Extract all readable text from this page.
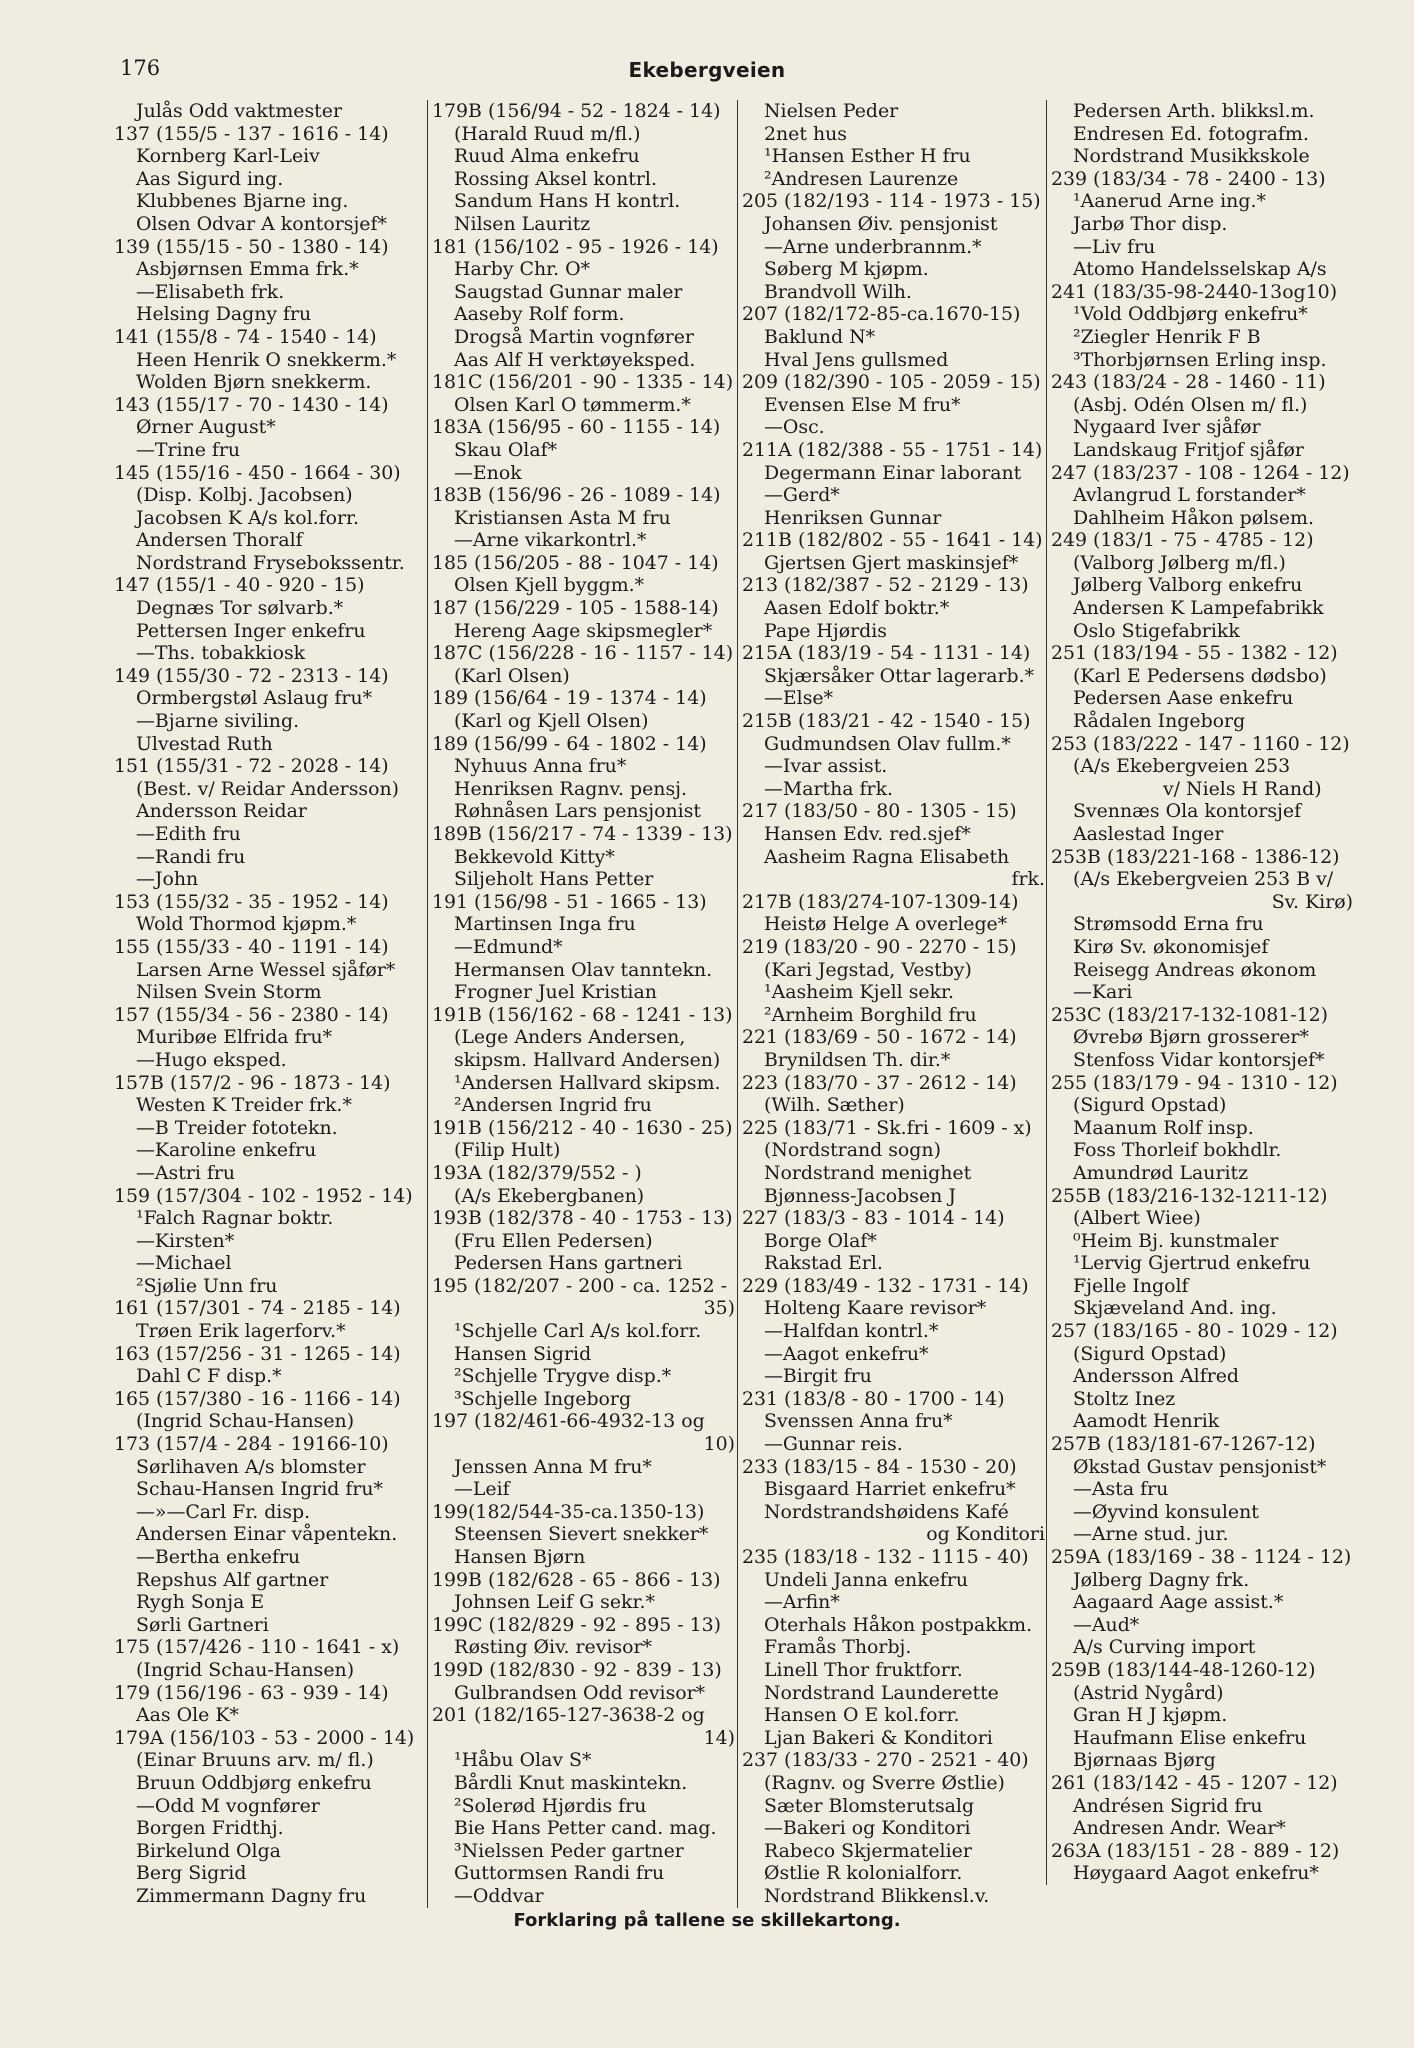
176	Ekebergveien
Julås Odd vaktmester
137 (155/5 - 137 - 1616 - 14)
Kornberg Karl-Leiv
Aas Sigurd ing.
Klubbenes Bjarne ing.
Olsen Odvar A kontorsjef*
139 (155/15 - 50 - 1380 - 14)
Asbjørnsen Emma frk.*
—Elisabeth frk.
Helsing Dagny fru
141 (155/8 - 74 - 1540 - 14)
Heen Henrik O snekkerm.*
Wolden Bjørn snekkerm.
143 (155/17 - 70 - 1430 - 14)
Ørner August*
—Trine fru
145 (155/16 - 450 - 1664 - 30)
(Disp. Kolbj. Jacobsen)
Jacobsen K A/s kol.forr.
Andersen Thoralf
Nordstrand Frysebokssentr.
147 (155/1 - 40 - 920 - 15)
Degnæs Tor sølvarb.*
Pettersen Inger enkefru
—Ths. tobakkiosk
149 (155/30 - 72 - 2313 - 14)
Ormbergstøl Aslaug fru*
—Bjarne siviling.
Ulvestad Ruth
151 (155/31 - 72 - 2028 - 14)
(Best. v/ Reidar Andersson)
Andersson Reidar
—Edith fru
—Randi fru
—John
153 (155/32 - 35 - 1952 - 14)
Wold Thormod kjøpm.*
155 (155/33 - 40 - 1191 - 14)
Larsen Arne Wessel sjåfør*
Nilsen Svein Storm
157 (155/34 - 56 - 2380 - 14)
Muribøe Elfrida fru*
—Hugo eksped.
157B (157/2 - 96 - 1873 - 14)
Westen K Treider frk.*
—B Treider fototekn.
—Karoline enkefru
—Astri fru
159 (157/304 - 102 - 1952 - 14)
¹Falch Ragnar boktr.
—Kirsten*
—Michael
²Sjølie Unn fru
161 (157/301 - 74 - 2185 - 14)
Trøen Erik lagerforv.*
163 (157/256 - 31 - 1265 - 14)
Dahl C F disp.*
165 (157/380 - 16 - 1166 - 14)
(Ingrid Schau-Hansen)
173 (157/4 - 284 - 19166-10)
Sørlihaven A/s blomster
Schau-Hansen Ingrid fru*
—»—Carl Fr. disp.
Andersen Einar våpentekn.
—Bertha enkefru
Repshus Alf gartner
Rygh Sonja E
Sørli Gartneri
175 (157/426 - 110 - 1641 - x)
(Ingrid Schau-Hansen)
179 (156/196 - 63 - 939 - 14)
Aas Ole K*
179A (156/103 - 53 - 2000 - 14)
(Einar Bruuns arv. m/ fl.)
Bruun Oddbjørg enkefru
—Odd M vognfører
Borgen Fridthj.
Birkelund Olga
Berg Sigrid
Zimmermann Dagny fru
179B (156/94 - 52 - 1824 - 14)
(Harald Ruud m/fl.)
Ruud Alma enkefru
Rossing Aksel kontrl.
Sandum Hans H kontrl.
Nilsen Lauritz
181 (156/102 - 95 - 1926 - 14)
Harby Chr. O*
Saugstad Gunnar maler
Aaseby Rolf form.
Drogså Martin vognfører
Aas Alf H verktøyeksped.
181C (156/201 - 90 - 1335 - 14)
Olsen Karl O tømmerm.*
183A (156/95 - 60 - 1155 - 14)
Skau Olaf*
—Enok
183B (156/96 - 26 - 1089 - 14)
Kristiansen Asta M fru
—Arne vikarkontrl.*
185 (156/205 - 88 - 1047 - 14)
Olsen Kjell byggm.*
187 (156/229 - 105 - 1588-14)
Hereng Aage skipsmegler*
187C (156/228 - 16 - 1157 - 14)
(Karl Olsen)
189 (156/64 - 19 - 1374 - 14)
(Karl og Kjell Olsen)
189 (156/99 - 64 - 1802 - 14)
Nyhuus Anna fru*
Henriksen Ragnv. pensj.
Røhnåsen Lars pensjonist
189B (156/217 - 74 - 1339 - 13)
Bekkevold Kitty*
Siljeholt Hans Petter
191 (156/98 - 51 - 1665 - 13)
Martinsen Inga fru
—Edmund*
Hermansen Olav tanntekn.
Frogner Juel Kristian
191B (156/162 - 68 - 1241 - 13)
(Lege Anders Andersen,
skipsm. Hallvard Andersen)
¹Andersen Hallvard skipsm.
²Andersen Ingrid fru
191B (156/212 - 40 - 1630 - 25)
(Filip Hult)
193A (182/379/552 - )
(A/s Ekebergbanen)
193B (182/378 - 40 - 1753 - 13)
(Fru Ellen Pedersen)
Pedersen Hans gartneri
195 (182/207 - 200 - ca. 1252 -
35)
¹Schjelle Carl A/s kol.forr.
Hansen Sigrid
²Schjelle Trygve disp.*
³Schjelle Ingeborg
197 (182/461-66-4932-13 og
10)
Jenssen Anna M fru*
—Leif
199(182/544-35-ca.1350-13)
Steensen Sievert snekker*
Hansen Bjørn
199B (182/628 - 65 - 866 - 13)
Johnsen Leif G sekr.*
199C (182/829 - 92 - 895 - 13)
Røsting Øiv. revisor*
199D (182/830 - 92 - 839 - 13)
Gulbrandsen Odd revisor*
201 (182/165-127-3638-2 og
14)
¹Håbu Olav S*
Bårdli Knut maskintekn.
²Solerød Hjørdis fru
Bie Hans Petter cand. mag.
³Nielssen Peder gartner
Guttormsen Randi fru
—Oddvar
Nielsen Peder
2net hus
¹Hansen Esther H fru
²Andresen Laurenze
205 (182/193 - 114 - 1973 - 15)
Johansen Øiv. pensjonist
—Arne underbrannm.*
Søberg M kjøpm.
Brandvoll Wilh.
207 (182/172-85-ca.1670-15)
Baklund N*
Hval Jens gullsmed
209 (182/390 - 105 - 2059 - 15)
Evensen Else M fru*
—Osc.
211A (182/388 - 55 - 1751 - 14)
Degermann Einar laborant
—Gerd*
Henriksen Gunnar
211B (182/802 - 55 - 1641 - 14)
Gjertsen Gjert maskinsjef*
213 (182/387 - 52 - 2129 - 13)
Aasen Edolf boktr.*
Pape Hjørdis
215A (183/19 - 54 - 1131 - 14)
Skjærsåker Ottar lagerarb.*
—Else*
215B (183/21 - 42 - 1540 - 15)
Gudmundsen Olav fullm.*
—Ivar assist.
—Martha frk.
217 (183/50 - 80 - 1305 - 15)
Hansen Edv. red.sjef*
Aasheim Ragna Elisabeth
frk.
217B (183/274-107-1309-14)
Heistø Helge A overlege*
219 (183/20 - 90 - 2270 - 15)
(Kari Jegstad, Vestby)
¹Aasheim Kjell sekr.
²Arnheim Borghild fru
221 (183/69 - 50 - 1672 - 14)
Brynildsen Th. dir.*
223 (183/70 - 37 - 2612 - 14)
(Wilh. Sæther)
225 (183/71 - Sk.fri - 1609 - x)
(Nordstrand sogn)
Nordstrand menighet
Bjønness-Jacobsen J
227 (183/3 - 83 - 1014 - 14)
Borge Olaf*
Rakstad Erl.
229 (183/49 - 132 - 1731 - 14)
Holteng Kaare revisor*
—Halfdan kontrl.*
—Aagot enkefru*
—Birgit fru
231 (183/8 - 80 - 1700 - 14)
Svenssen Anna fru*
—Gunnar reis.
233 (183/15 - 84 - 1530 - 20)
Bisgaard Harriet enkefru*
Nordstrandshøidens Kafé
og Konditori
235 (183/18 - 132 - 1115 - 40)
Undeli Janna enkefru
—Arfin*
Oterhals Håkon postpakkm.
Framås Thorbj.
Linell Thor fruktforr.
Nordstrand Launderette
Hansen O E kol.forr.
Ljan Bakeri & Konditori
237 (183/33 - 270 - 2521 - 40)
(Ragnv. og Sverre Østlie)
Sæter Blomsterutsalg
—Bakeri og Konditori
Rabeco Skjermatelier
Østlie R kolonialforr.
Nordstrand Blikkensl.v.
Pedersen Arth. blikksl.m.
Endresen Ed. fotografm.
Nordstrand Musikkskole
239 (183/34 - 78 - 2400 - 13)
¹Aanerud Arne ing.*
Jarbø Thor disp.
—Liv fru
Atomo Handelsselskap A/s
241 (183/35-98-2440-13og10)
¹Vold Oddbjørg enkefru*
²Ziegler Henrik F B
³Thorbjørnsen Erling insp.
243 (183/24 - 28 - 1460 - 11)
(Asbj. Odén Olsen m/ fl.)
Nygaard Iver sjåfør
Landskaug Fritjof sjåfør
247 (183/237 - 108 - 1264 - 12)
Avlangrud L forstander*
Dahlheim Håkon pølsem.
249 (183/1 - 75 - 4785 - 12)
(Valborg Jølberg m/fl.)
Jølberg Valborg enkefru
Andersen K Lampefabrikk
Oslo Stigefabrikk
251 (183/194 - 55 - 1382 - 12)
(Karl E Pedersens dødsbo)
Pedersen Aase enkefru
Rådalen Ingeborg
253 (183/222 - 147 - 1160 - 12)
(A/s Ekebergveien 253
v/ Niels H Rand)
Svennæs Ola kontorsjef
Aaslestad Inger
253B (183/221-168 - 1386-12)
(A/s Ekebergveien 253 B v/
Sv. Kirø)
Strømsodd Erna fru
Kirø Sv. økonomisjef
Reisegg Andreas økonom
—Kari
253C (183/217-132-1081-12)
Øvrebø Bjørn grosserer*
Stenfoss Vidar kontorsjef*
255 (183/179 - 94 - 1310 - 12)
(Sigurd Opstad)
Maanum Rolf insp.
Foss Thorleif bokhdlr.
Amundrød Lauritz
255B (183/216-132-1211-12)
(Albert Wiee)
⁰Heim Bj. kunstmaler
¹Lervig Gjertrud enkefru
Fjelle Ingolf
Skjæveland And. ing.
257 (183/165 - 80 - 1029 - 12)
(Sigurd Opstad)
Andersson Alfred
Stoltz Inez
Aamodt Henrik
257B (183/181-67-1267-12)
Økstad Gustav pensjonist*
—Asta fru
—Øyvind konsulent
—Arne stud. jur.
259A (183/169 - 38 - 1124 - 12)
Jølberg Dagny frk.
Aagaard Aage assist.*
—Aud*
A/s Curving import
259B (183/144-48-1260-12)
(Astrid Nygård)
Gran H J kjøpm.
Haufmann Elise enkefru
Bjørnaas Bjørg
261 (183/142 - 45 - 1207 - 12)
Andrésen Sigrid fru
Andresen Andr. Wear*
263A (183/151 - 28 - 889 - 12)
Høygaard Aagot enkefru*
Forklaring på tallene se skillekartong.
